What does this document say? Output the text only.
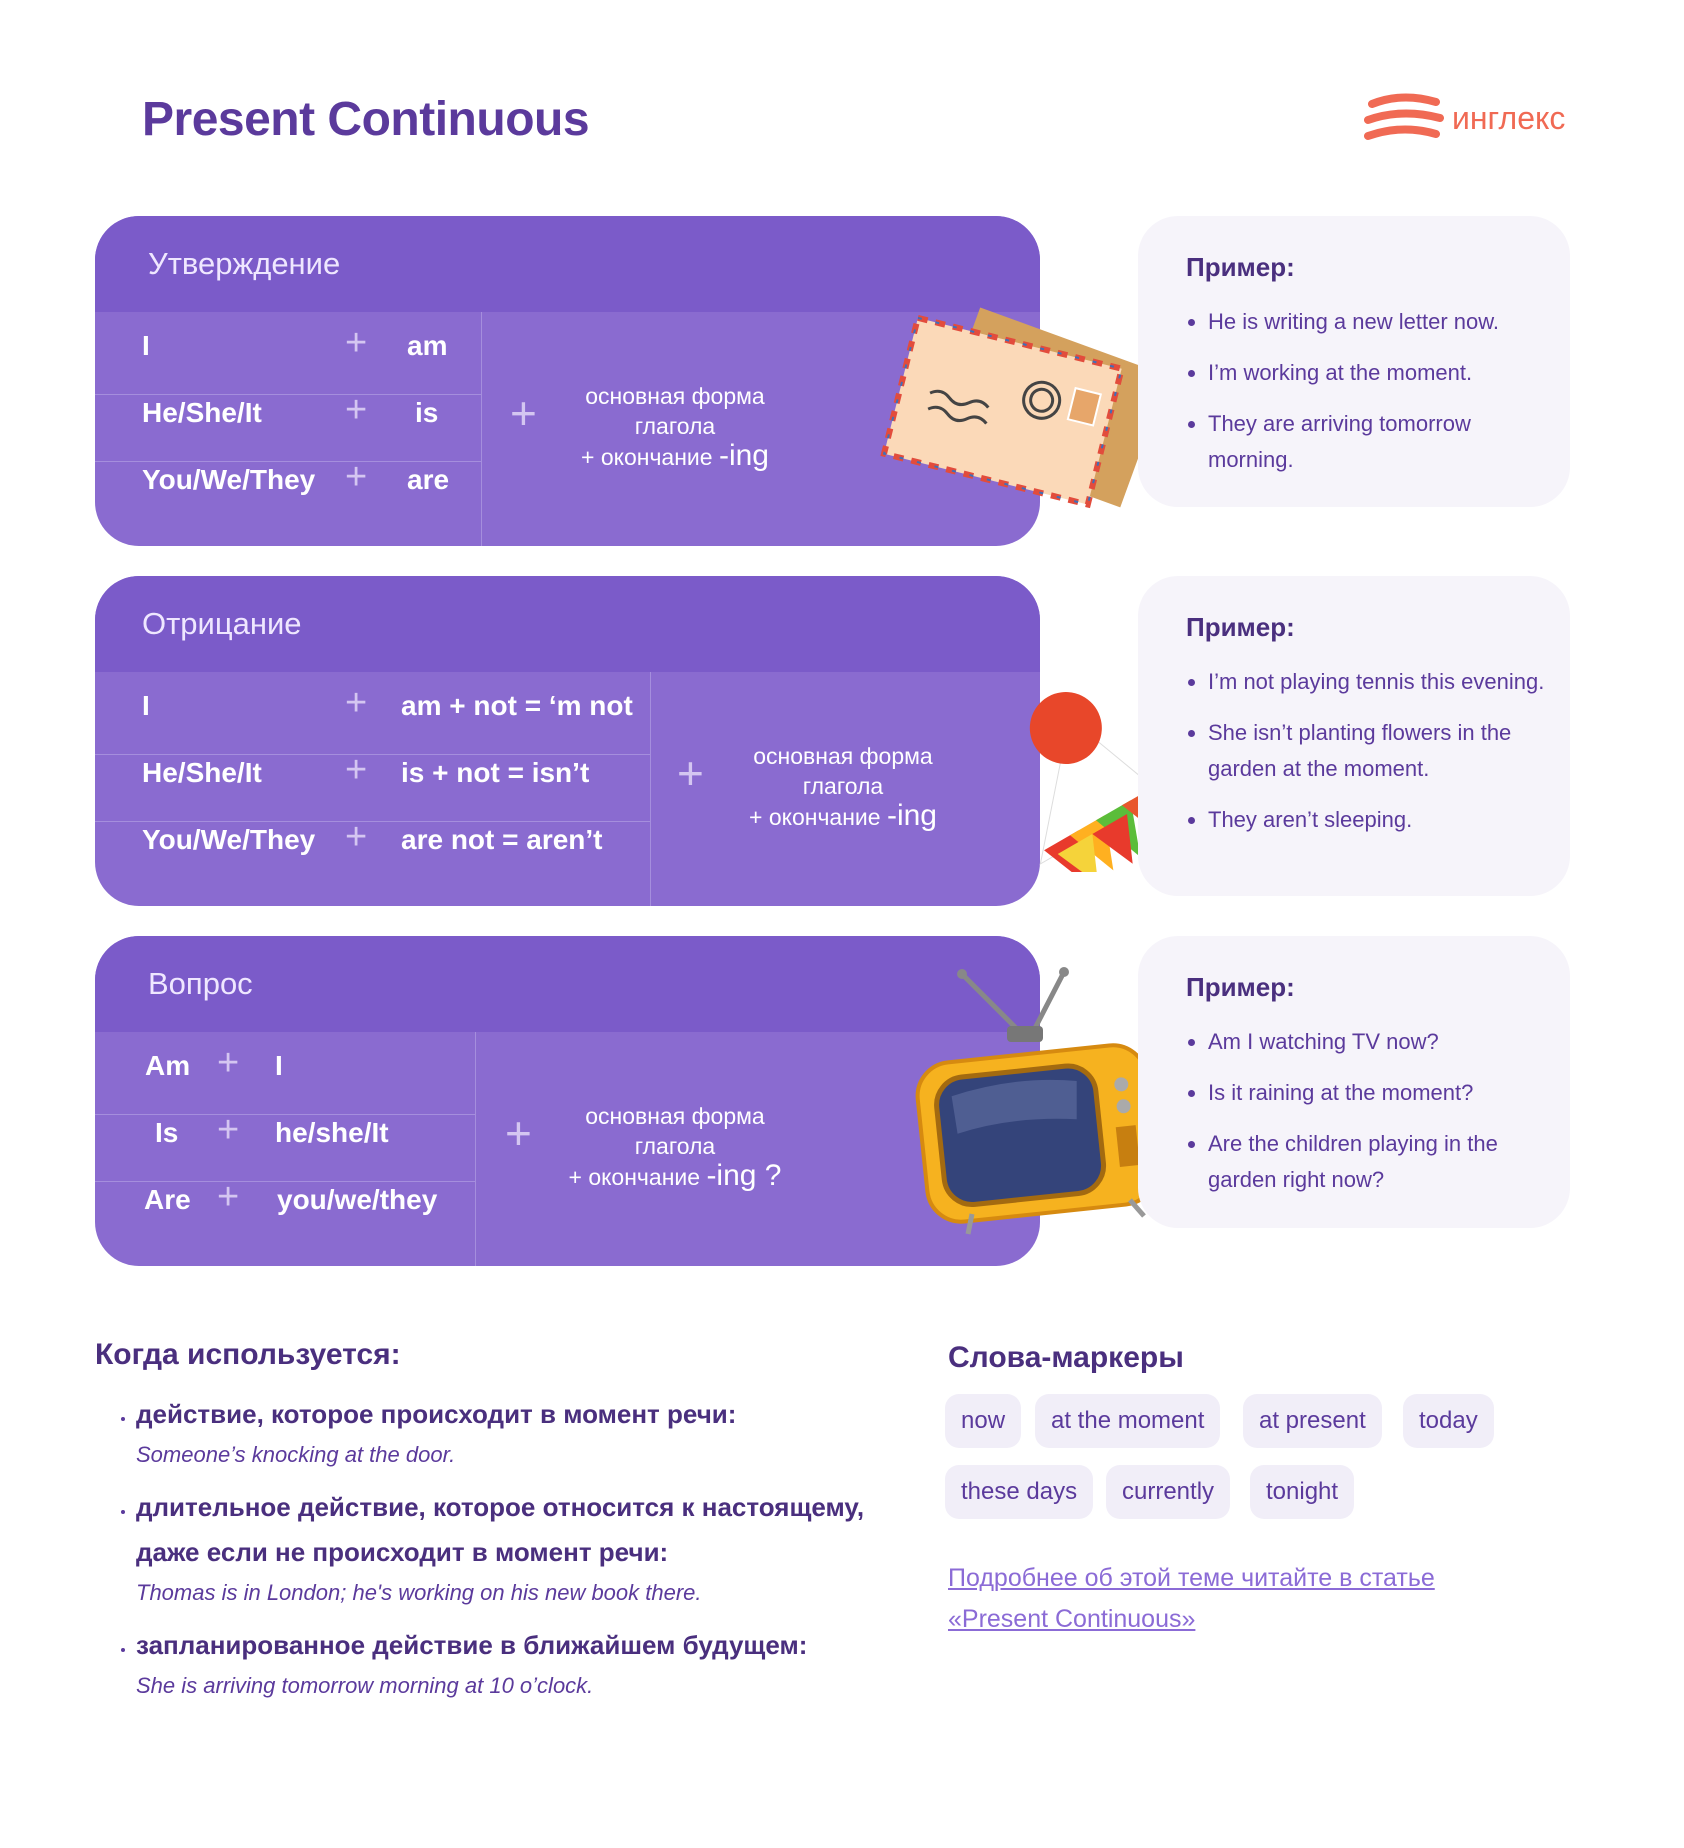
Present Continuous	инглекс
Утверждение
I	+ am
He/She/It + is
You/We/They + are
+	основная форма
глагола
+ окончание -ing
Пример:
• He is writing a new letter now.
• I’m working at the moment.
• They are arriving tomorrow morning.
Отрицание
I	+ am + not = ‘m not
He/She/It + is + not = isn’t
You/We/They + are not = aren’t
+	основная форма
глагола
+ окончание -ing
Пример:
• I’m not playing tennis this evening.
• She isn’t planting flowers in the garden at the moment.
• They aren’t sleeping.
Вопрос
Am + I
Is + he/she/It
Are + you/we/they
+	основная форма
глагола
+ окончание -ing ?
Пример:
• Am I watching TV now?
• Is it raining at the moment?
• Are the children playing in the garden right now?
Когда используется:
• действие, которое происходит в момент речи:
Someone’s knocking at the door.
• длительное действие, которое относится к настоящему, даже если не происходит в момент речи:
Thomas is in London; he's working on his new book there.
• запланированное действие в ближайшем будущем:
She is arriving tomorrow morning at 10 o’clock.
Слова-маркеры
now	at the moment	at present	today
these days	currently	tonight
Подробнее об этой теме читайте в статье «Present Continuous»
